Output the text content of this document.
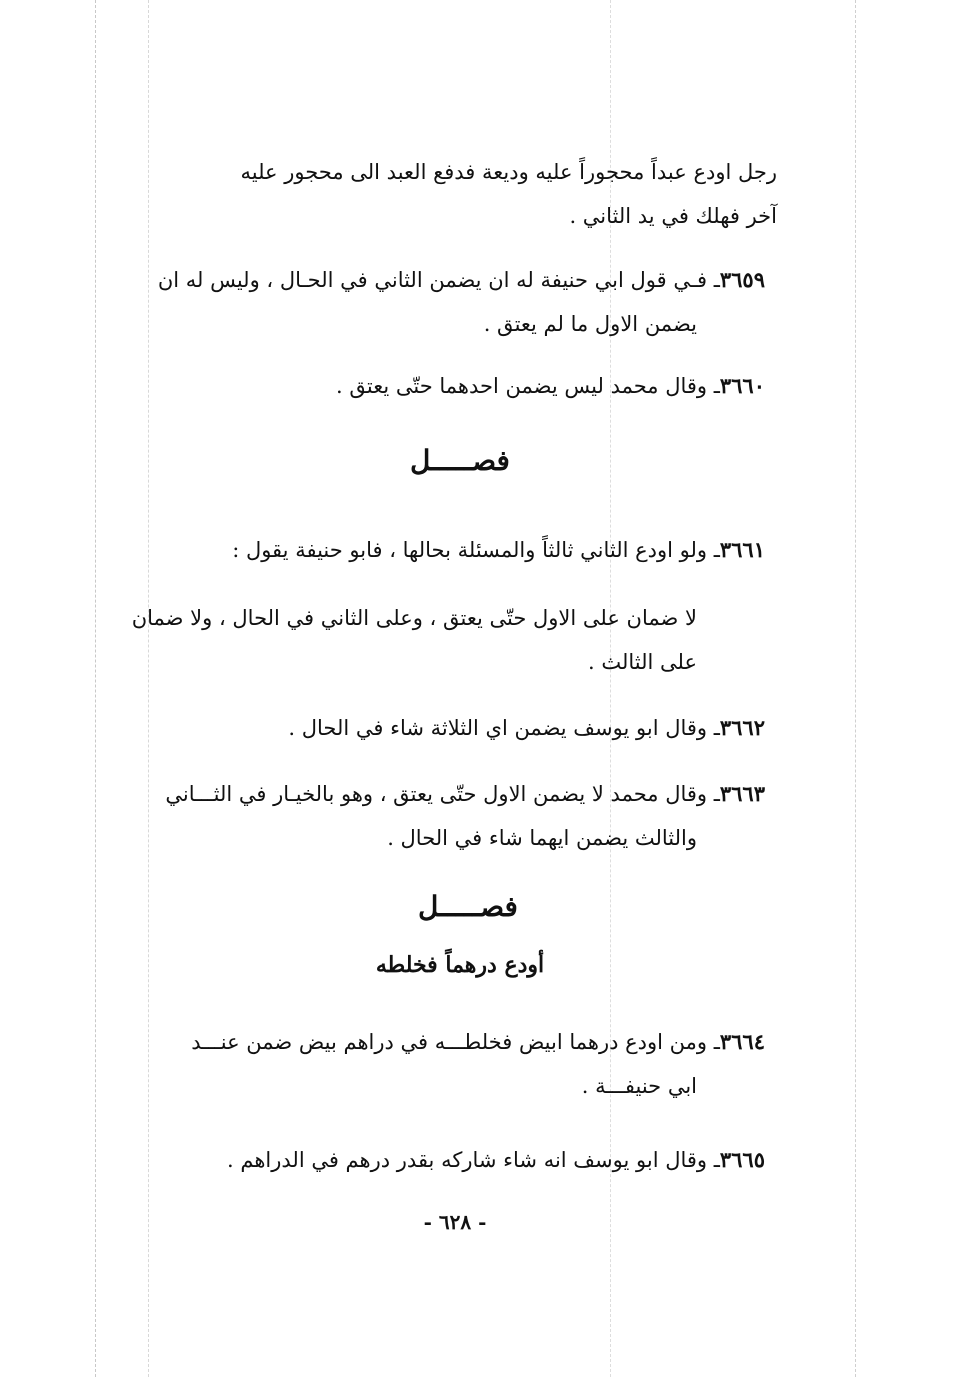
رجل اودع عبداً محجوراً عليه وديعة فدفع العبد الى محجور عليه
آخر فهلك في يد الثاني .
٣٦٥٩ـ فـي قول ابي حنيفة له ان يضمن الثاني في الحـال ، وليس له ان
يضمن الاول ما لم يعتق .
٣٦٦٠ـ وقال محمد ليس يضمن احدهما حتّى يعتق .
فصـــــل
٣٦٦١ـ ولو اودع الثاني ثالثاً والمسئلة بحالها ، فابو حنيفة يقول :
لا ضمان على الاول حتّى يعتق ، وعلى الثاني في الحال ، ولا ضمان
على الثالث .
٣٦٦٢ـ وقال ابو يوسف يضمن اي الثلاثة شاء في الحال .
٣٦٦٣ـ وقال محمد لا يضمن الاول حتّى يعتق ، وهو بالخيـار في الثـــاني
والثالث يضمن ايهما شاء في الحال .
فصـــــل
أودع درهماً فخلطه
٣٦٦٤ـ ومن اودع درهما ابيض فخلطـــه في دراهم بيض ضمن عنـــد
ابي حنيفـــة .
٣٦٦٥ـ وقال ابو يوسف انه شاء شاركه بقدر درهم في الدراهم .
- ٦٢٨ -
